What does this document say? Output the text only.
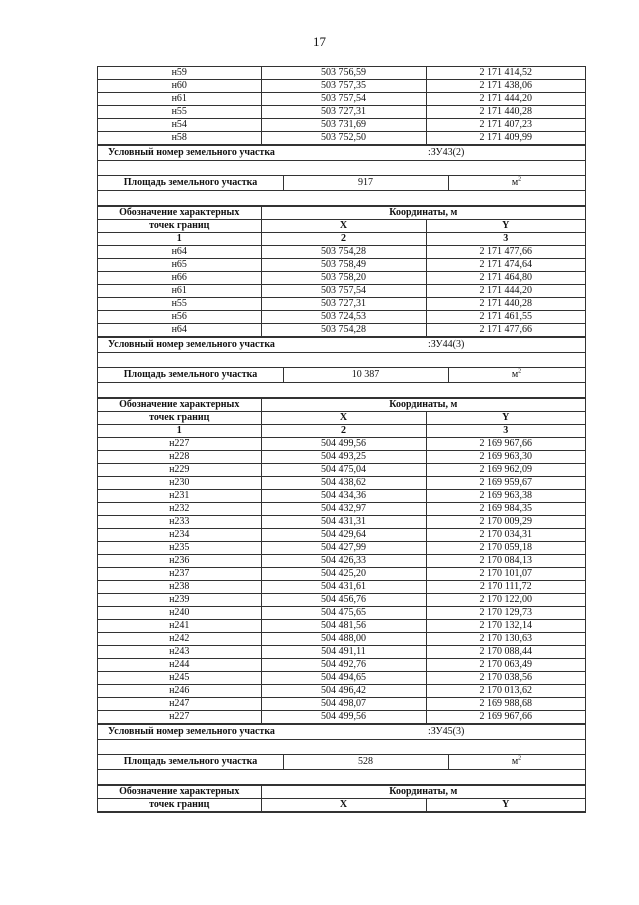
17
н59	503 756,59	2 171 414,52
н60	503 757,35	2 171 438,06
н61	503 757,54	2 171 444,20
н55	503 727,31	2 171 440,28
н54	503 731,69	2 171 407,23
н58	503 752,50	2 171 409,99
Условный номер земельного участка	:ЗУ43(2)
Площадь земельного участка	917	$м^2$
Обозначение характерных	Координаты, м	
точек границ	X	Y
1	2	3
н64	503 754,28	2 171 477,66
н65	503 758,49	2 171 474,64
н66	503 758,20	2 171 464,80
н61	503 757,54	2 171 444,20
н55	503 727,31	2 171 440,28
н56	503 724,53	2 171 461,55
н64	503 754,28	2 171 477,66
Условный номер земельного участка	:ЗУ44(3)
Площадь земельного участка	10 387	$м^2$
Обозначение характерных	Координаты, м	
точек границ	X	Y
1	2	3
н227	504 499,56	2 169 967,66
н228	504 493,25	2 169 963,30
н229	504 475,04	2 169 962,09
н230	504 438,62	2 169 959,67
н231	504 434,36	2 169 963,38
н232	504 432,97	2 169 984,35
н233	504 431,31	2 170 009,29
н234	504 429,64	2 170 034,31
н235	504 427,99	2 170 059,18
н236	504 426,33	2 170 084,13
н237	504 425,20	2 170 101,07
н238	504 431,61	2 170 111,72
н239	504 456,76	2 170 122,00
н240	504 475,65	2 170 129,73
н241	504 481,56	2 170 132,14
н242	504 488,00	2 170 130,63
н243	504 491,11	2 170 088,44
н244	504 492,76	2 170 063,49
н245	504 494,65	2 170 038,56
н246	504 496,42	2 170 013,62
н247	504 498,07	2 169 988,68
н227	504 499,56	2 169 967,66
Условный номер земельного участка	:ЗУ45(3)
Площадь земельного участка	528	$м^2$
Обозначение характерных	Координаты, м	
точек границ	X	Y
